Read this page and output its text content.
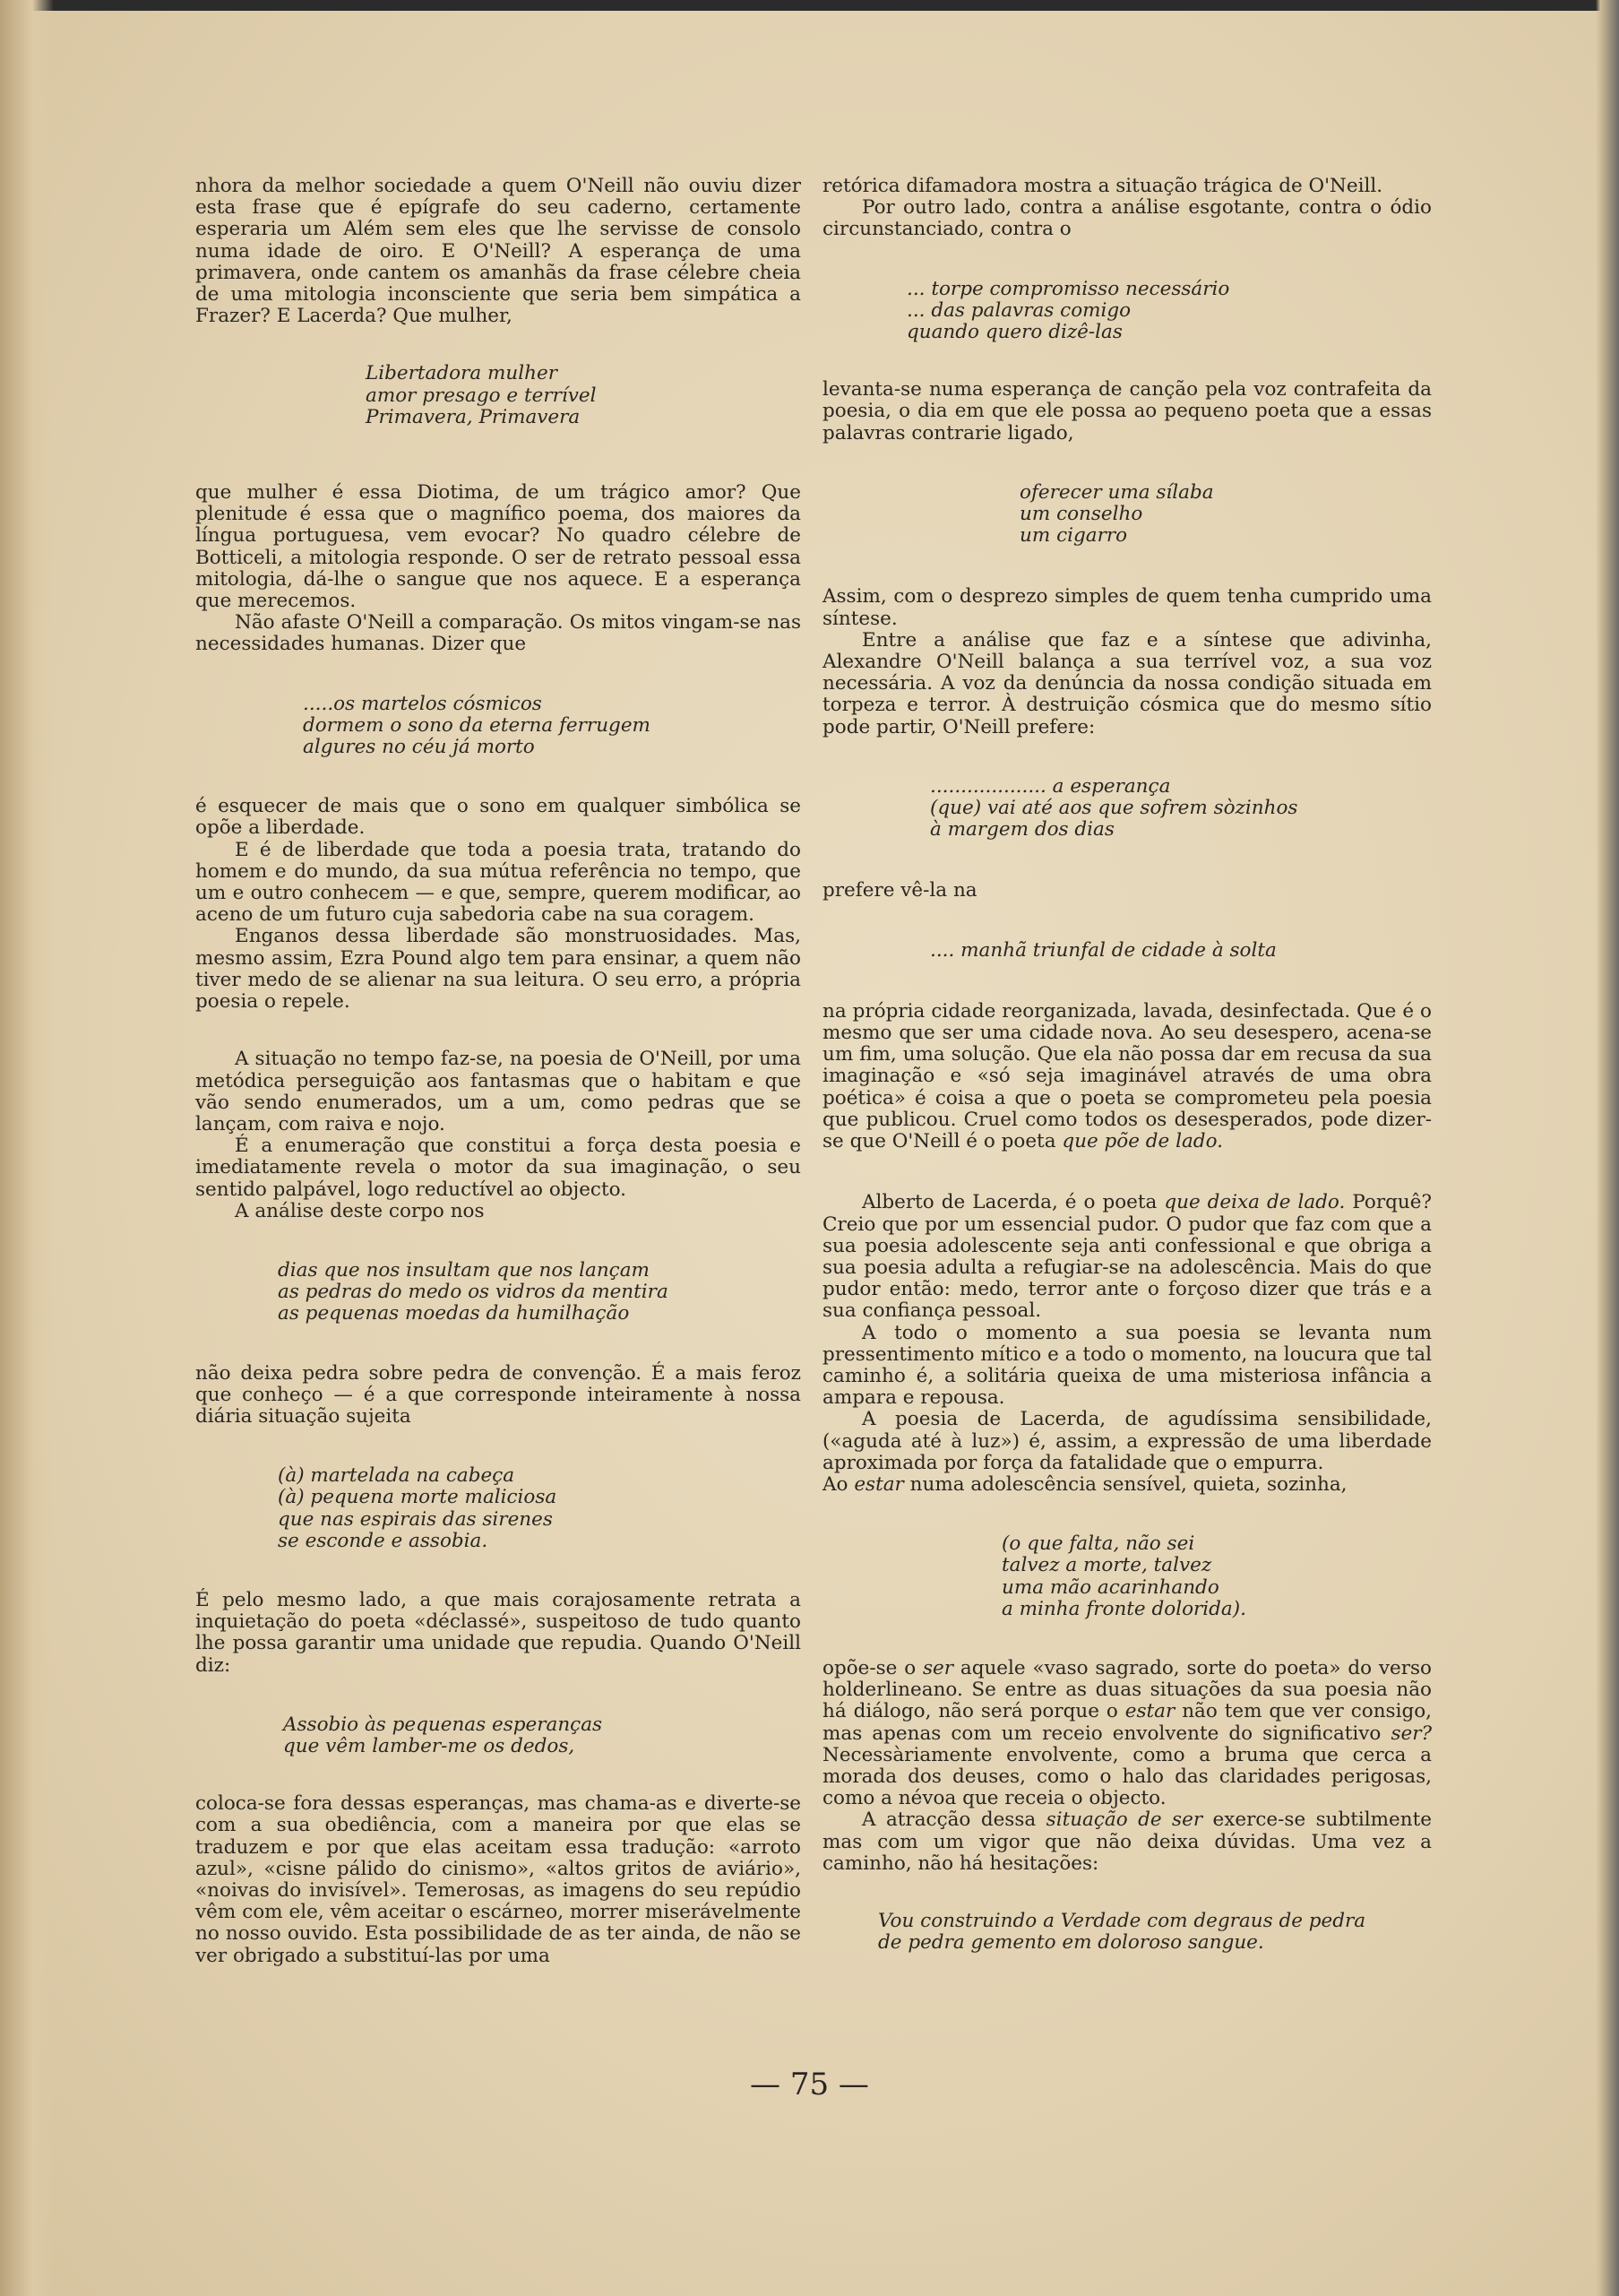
nhora da melhor sociedade a quem O'Neill não ouviu dizer esta frase que é epígrafe do seu caderno, certamente esperaria um Além sem eles que lhe servisse de consolo numa idade de oiro. E O'Neill? A esperança de uma primavera, onde cantem os amanhãs da frase célebre cheia de uma mitologia inconsciente que seria bem simpática a Frazer? E Lacerda? Que mulher,

Libertadora mulher
amor presago e terrível
Primavera, Primavera

que mulher é essa Diotima, de um trágico amor? Que plenitude é essa que o magnífico poema, dos maiores da língua portuguesa, vem evocar? No quadro célebre de Botticeli, a mitologia responde. O ser de retrato pessoal essa mitologia, dá-lhe o sangue que nos aquece. E a esperança que merecemos.

Não afaste O'Neill a comparação. Os mitos vingam-se nas necessidades humanas. Dizer que

.....os martelos cósmicos
dormem o sono da eterna ferrugem
algures no céu já morto

é esquecer de mais que o sono em qualquer simbólica se opõe a liberdade.

E é de liberdade que toda a poesia trata, tratando do homem e do mundo, da sua mútua referência no tempo, que um e outro conhecem — e que, sempre, querem modificar, ao aceno de um futuro cuja sabedoria cabe na sua coragem.

Enganos dessa liberdade são monstruosidades. Mas, mesmo assim, Ezra Pound algo tem para ensinar, a quem não tiver medo de se alienar na sua leitura. O seu erro, a própria poesia o repele.

A situação no tempo faz-se, na poesia de O'Neill, por uma metódica perseguição aos fantasmas que o habitam e que vão sendo enumerados, um a um, como pedras que se lançam, com raiva e nojo.

É a enumeração que constitui a força desta poesia e imediatamente revela o motor da sua imaginação, o seu sentido palpável, logo reductível ao objecto.

A análise deste corpo nos

dias que nos insultam que nos lançam
as pedras do medo os vidros da mentira
as pequenas moedas da humilhação

não deixa pedra sobre pedra de convenção. É a mais feroz que conheço — é a que corresponde inteiramente à nossa diária situação sujeita

(à) martelada na cabeça
(à) pequena morte maliciosa
que nas espirais das sirenes
se esconde e assobia.

É pelo mesmo lado, a que mais corajosamente retrata a inquietação do poeta «déclassé», suspeitoso de tudo quanto lhe possa garantir uma unidade que repudia. Quando O'Neill diz:

Assobio às pequenas esperanças
que vêm lamber-me os dedos,

coloca-se fora dessas esperanças, mas chama-as e diverte-se com a sua obediência, com a maneira por que elas se traduzem e por que elas aceitam essa tradução: «arroto azul», «cisne pálido do cinismo», «altos gritos de aviário», «noivas do invisível». Temerosas, as imagens do seu repúdio vêm com ele, vêm aceitar o escárneo, morrer miserávelmente no nosso ouvido. Esta possibilidade de as ter ainda, de não se ver obrigado a substituí-las por uma

retórica difamadora mostra a situação trágica de O'Neill.

Por outro lado, contra a análise esgotante, contra o ódio circunstanciado, contra o

... torpe compromisso necessário
... das palavras comigo
quando quero dizê-las

levanta-se numa esperança de canção pela voz contrafeita da poesia, o dia em que ele possa ao pequeno poeta que a essas palavras contrarie ligado,

oferecer uma sílaba
um conselho
um cigarro

Assim, com o desprezo simples de quem tenha cumprido uma síntese.

Entre a análise que faz e a síntese que adivinha, Alexandre O'Neill balança a sua terrível voz, a sua voz necessária. A voz da denúncia da nossa condição situada em torpeza e terror. À destruição cósmica que do mesmo sítio pode partir, O'Neill prefere:

................... a esperança
(que) vai até aos que sofrem sòzinhos
à margem dos dias

prefere vê-la na

.... manhã triunfal de cidade à solta

na própria cidade reorganizada, lavada, desinfectada. Que é o mesmo que ser uma cidade nova. Ao seu desespero, acena-se um fim, uma solução. Que ela não possa dar em recusa da sua imaginação e «só seja imaginável através de uma obra poética» é coisa a que o poeta se comprometeu pela poesia que publicou. Cruel como todos os desesperados, pode dizer-se que O'Neill é o poeta que põe de lado.

Alberto de Lacerda, é o poeta que deixa de lado. Porquê? Creio que por um essencial pudor. O pudor que faz com que a sua poesia adolescente seja anti confessional e que obriga a sua poesia adulta a refugiar-se na adolescência. Mais do que pudor então: medo, terror ante o forçoso dizer que trás e a sua confiança pessoal.

A todo o momento a sua poesia se levanta num pressentimento mítico e a todo o momento, na loucura que tal caminho é, a solitária queixa de uma misteriosa infância a ampara e repousa.

A poesia de Lacerda, de agudíssima sensibilidade, («aguda até à luz») é, assim, a expressão de uma liberdade aproximada por força da fatalidade que o empurra.

Ao estar numa adolescência sensível, quieta, sozinha,

(o que falta, não sei
talvez a morte, talvez
uma mão acarinhando
a minha fronte dolorida).

opõe-se o ser aquele «vaso sagrado, sorte do poeta» do verso holderlineano. Se entre as duas situações da sua poesia não há diálogo, não será porque o estar não tem que ver consigo, mas apenas com um receio envolvente do significativo ser? Necessàriamente envolvente, como a bruma que cerca a morada dos deuses, como o halo das claridades perigosas, como a névoa que receia o objecto.

A atracção dessa situação de ser exerce-se subtilmente mas com um vigor que não deixa dúvidas. Uma vez a caminho, não há hesitações:

Vou construindo a Verdade com degraus de pedra
de pedra gemento em doloroso sangue.
— 75 —
